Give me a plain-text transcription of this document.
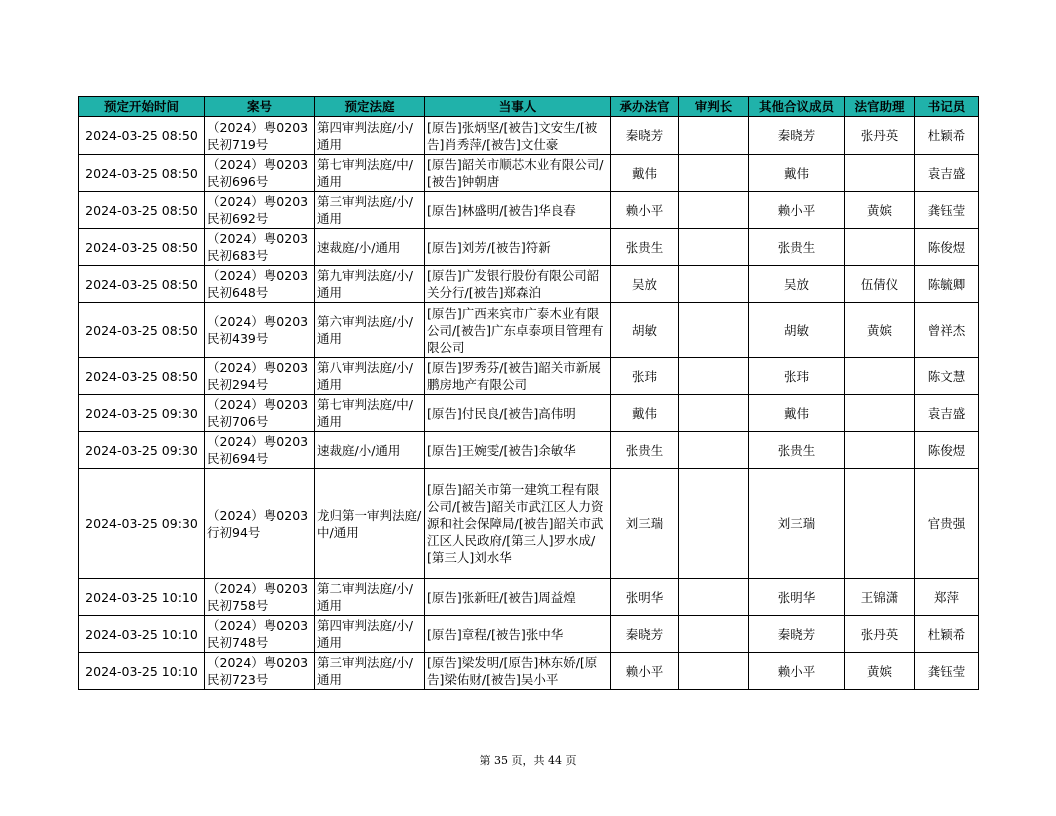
预定开始时间	案号	预定法庭	当事人	承办法官	审判长	其他合议成员	法官助理	书记员
2024-03-25 08:50	（2024）粤0203民初719号	第四审判法庭/小/通用	[原告]张炳坚/[被告]文安生/[被告]肖秀萍/[被告]文仕豪	秦晓芳		秦晓芳	张丹英	杜颖希
2024-03-25 08:50	（2024）粤0203民初696号	第七审判法庭/中/通用	[原告]韶关市顺芯木业有限公司/[被告]钟朝唐	戴伟		戴伟		袁吉盛
2024-03-25 08:50	（2024）粤0203民初692号	第三审判法庭/小/通用	[原告]林盛明/[被告]华良春	赖小平		赖小平	黄嫔	龚钰莹
2024-03-25 08:50	（2024）粤0203民初683号	速裁庭/小/通用	[原告]刘芳/[被告]符新	张贵生		张贵生		陈俊煜
2024-03-25 08:50	（2024）粤0203民初648号	第九审判法庭/小/通用	[原告]广发银行股份有限公司韶关分行/[被告]郑森泊	吴放		吴放	伍倩仪	陈毓卿
2024-03-25 08:50	（2024）粤0203民初439号	第六审判法庭/小/通用	[原告]广西来宾市广泰木业有限公司/[被告]广东卓泰项目管理有限公司	胡敏		胡敏	黄嫔	曾祥杰
2024-03-25 08:50	（2024）粤0203民初294号	第八审判法庭/小/通用	[原告]罗秀芬/[被告]韶关市新展鹏房地产有限公司	张玮		张玮		陈文慧
2024-03-25 09:30	（2024）粤0203民初706号	第七审判法庭/中/通用	[原告]付民良/[被告]高伟明	戴伟		戴伟		袁吉盛
2024-03-25 09:30	（2024）粤0203民初694号	速裁庭/小/通用	[原告]王婉雯/[被告]余敏华	张贵生		张贵生		陈俊煜
2024-03-25 09:30	（2024）粤0203行初94号	龙归第一审判法庭/中/通用	[原告]韶关市第一建筑工程有限公司/[被告]韶关市武江区人力资源和社会保障局/[被告]韶关市武江区人民政府/[第三人]罗水成/[第三人]刘水华	刘三瑞		刘三瑞		官贵强
2024-03-25 10:10	（2024）粤0203民初758号	第二审判法庭/小/通用	[原告]张新旺/[被告]周益煌	张明华		张明华	王锦潇	郑萍
2024-03-25 10:10	（2024）粤0203民初748号	第四审判法庭/小/通用	[原告]章程/[被告]张中华	秦晓芳		秦晓芳	张丹英	杜颖希
2024-03-25 10:10	（2024）粤0203民初723号	第三审判法庭/小/通用	[原告]梁发明/[原告]林东娇/[原告]梁佑财/[被告]吴小平	赖小平		赖小平	黄嫔	龚钰莹
第 35 页，共 44 页
